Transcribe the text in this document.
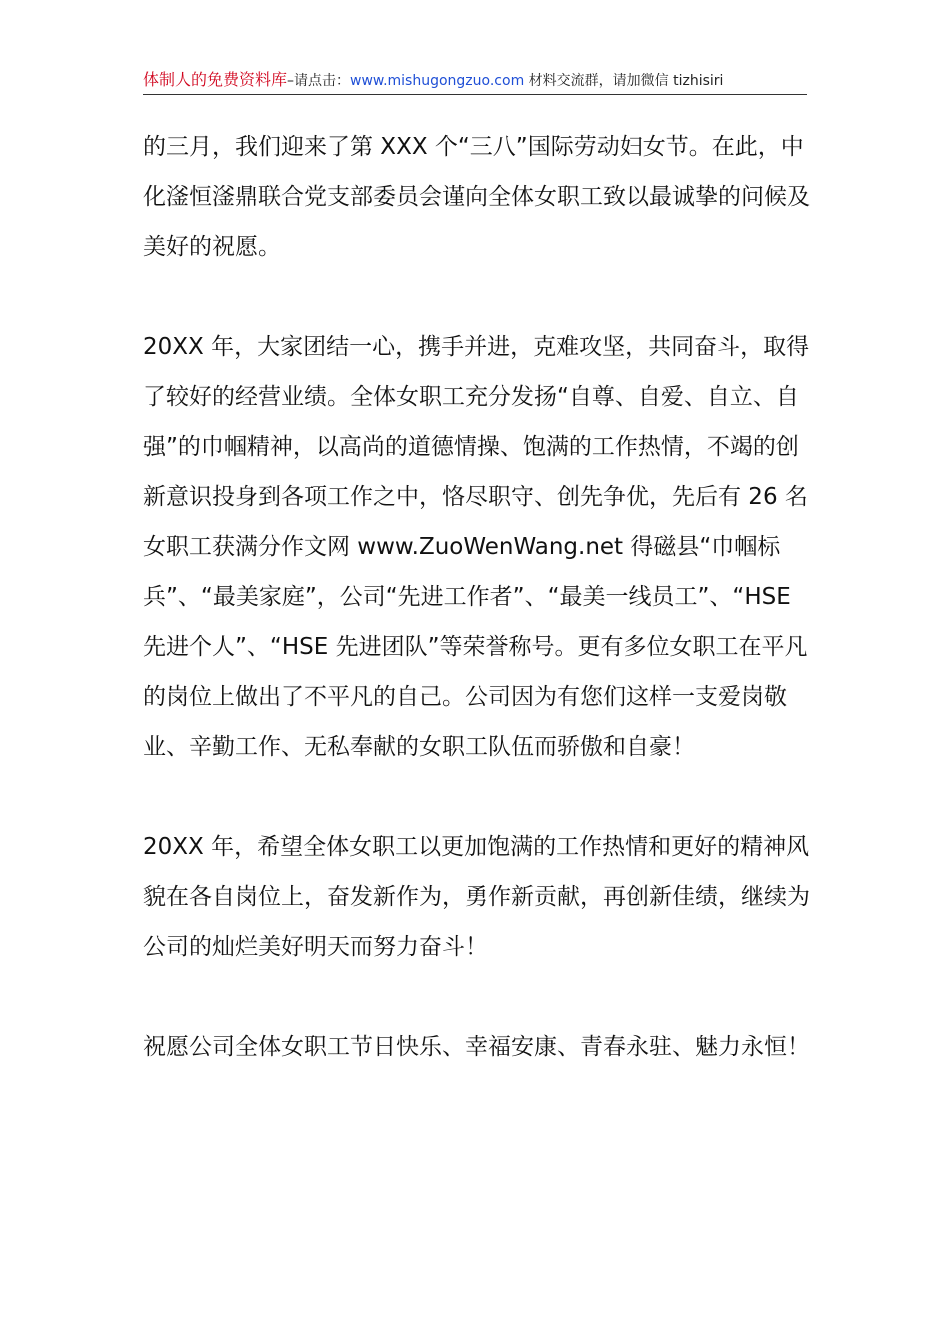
体制人的免费资料库–请点击：www.mishugongzuo.com 材料交流群，请加微信 tizhisiri

的三月，我们迎来了第 XXX 个“三八”国际劳动妇女节。在此，中化滏恒滏鼎联合党支部委员会谨向全体女职工致以最诚挚的问候及美好的祝愿。

20XX 年，大家团结一心，携手并进，克难攻坚，共同奋斗，取得了较好的经营业绩。全体女职工充分发扬“自尊、自爱、自立、自强”的巾帼精神，以高尚的道德情操、饱满的工作热情，不竭的创新意识投身到各项工作之中，恪尽职守、创先争优，先后有 26 名女职工获满分作文网 www.ZuoWenWang.net 得磁县“巾帼标兵”、“最美家庭”，公司“先进工作者”、“最美一线员工”、“HSE 先进个人”、“HSE 先进团队”等荣誉称号。更有多位女职工在平凡的岗位上做出了不平凡的自己。公司因为有您们这样一支爱岗敬业、辛勤工作、无私奉献的女职工队伍而骄傲和自豪！

20XX 年，希望全体女职工以更加饱满的工作热情和更好的精神风貌在各自岗位上，奋发新作为，勇作新贡献，再创新佳绩，继续为公司的灿烂美好明天而努力奋斗！

祝愿公司全体女职工节日快乐、幸福安康、青春永驻、魅力永恒！
